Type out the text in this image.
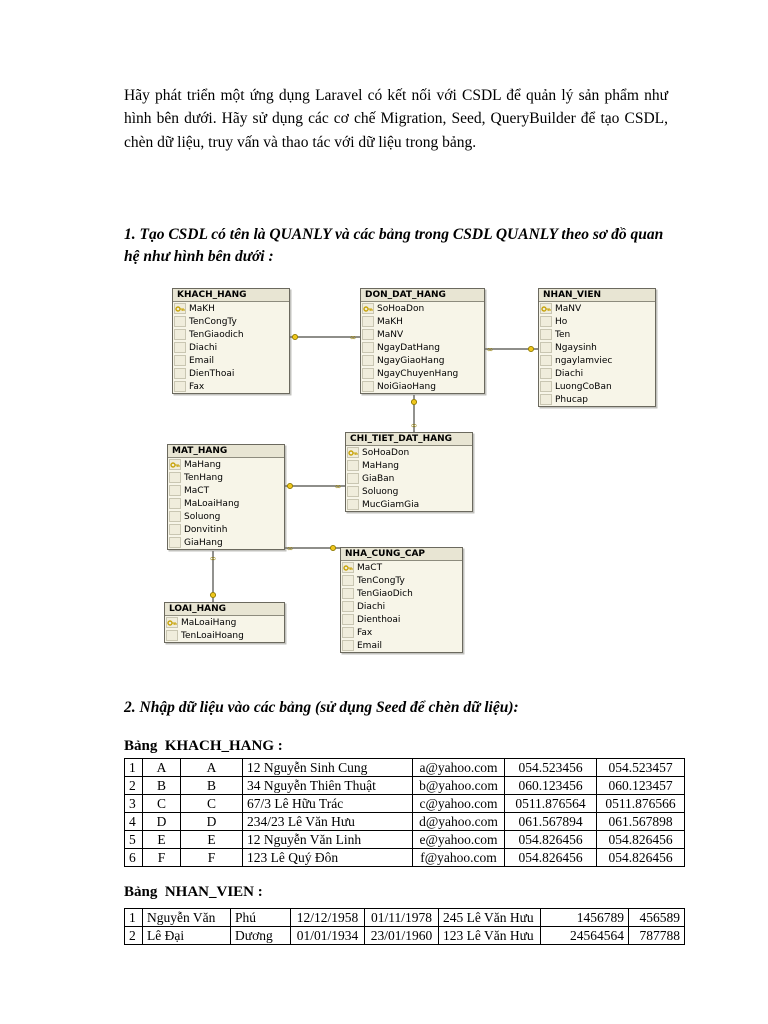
Hãy phát triển một ứng dụng Laravel có kết nối với CSDL để quản lý sản phẩm như hình bên dưới. Hãy sử dụng các cơ chế Migration, Seed, QueryBuilder để tạo CSDL, chèn dữ liệu, truy vấn và thao tác với dữ liệu trong bảng.

1. Tạo CSDL có tên là QUANLY và các bảng trong CSDL QUANLY theo sơ đồ quan hệ như hình bên dưới :

∞
∞
∞
∞
∞
∞
KHACH_HANG
MaKH
TenCongTy
TenGiaodich
Diachi
Email
DienThoai
Fax
DON_DAT_HANG
SoHoaDon
MaKH
MaNV
NgayDatHang
NgayGiaoHang
NgayChuyenHang
NoiGiaoHang
NHAN_VIEN
MaNV
Ho
Ten
Ngaysinh
ngaylamviec
Diachi
LuongCoBan
Phucap
CHI_TIET_DAT_HANG
SoHoaDon
MaHang
GiaBan
Soluong
MucGiamGia
MAT_HANG
MaHang
TenHang
MaCT
MaLoaiHang
Soluong
Donvitinh
GiaHang
NHA_CUNG_CAP
MaCT
TenCongTy
TenGiaoDich
Diachi
Dienthoai
Fax
Email
LOAI_HANG
MaLoaiHang
TenLoaiHoang

2. Nhập dữ liệu vào các bảng (sử dụng Seed để chèn dữ liệu):

Bảng  KHACH_HANG :

1	A	A	12 Nguyễn Sinh Cung	a@yahoo.com	054.523456	054.523457
2	B	B	34 Nguyễn Thiên Thuật	b@yahoo.com	060.123456	060.123457
3	C	C	67/3 Lê Hữu Trác	c@yahoo.com	0511.876564	0511.876566
4	D	D	234/23 Lê Văn Hưu	d@yahoo.com	061.567894	061.567898
5	E	E	12 Nguyễn Văn Linh	e@yahoo.com	054.826456	054.826456
6	F	F	123 Lê Quý Đôn	f@yahoo.com	054.826456	054.826456

Bảng  NHAN_VIEN :

1	Nguyễn Văn	Phú	12/12/1958	01/11/1978	245 Lê Văn Hưu	1456789	456589
2	Lê Đại	Dương	01/01/1934	23/01/1960	123 Lê Văn Hưu	24564564	787788
